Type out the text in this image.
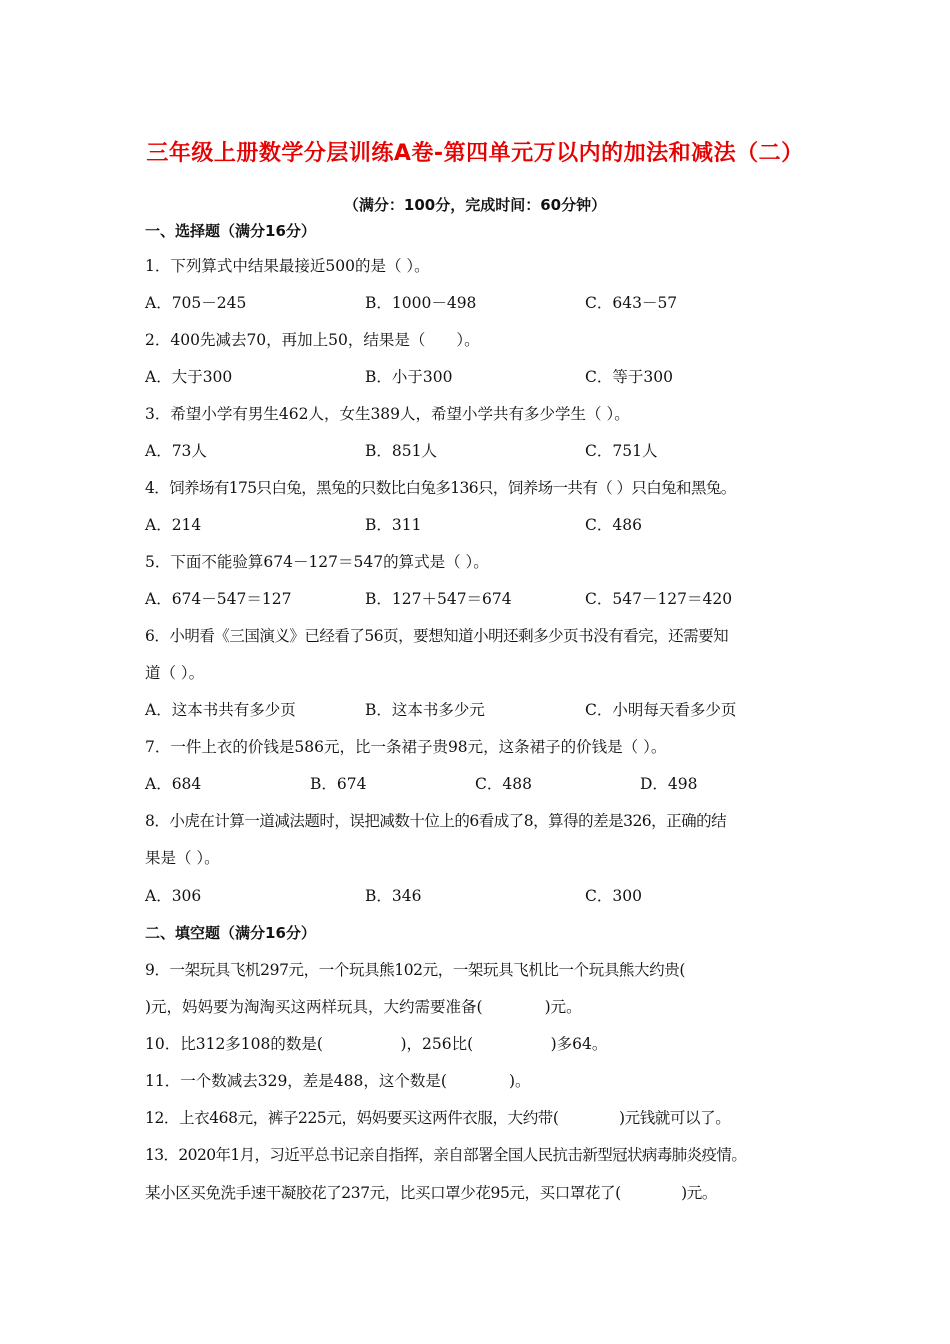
三年级上册数学分层训练A卷-第四单元万以内的加法和减法（二）
（满分：100分，完成时间：60分钟）
一、选择题（满分16分）
1．下列算式中结果最接近500的是（ ）。
A．705－245	B．1000－498	C．643－57
2．400先减去70，再加上50，结果是（　　）。
A．大于300	B．小于300	C．等于300
3．希望小学有男生462人，女生389人，希望小学共有多少学生（ ）。
A．73人	B．851人	C．751人
4．饲养场有175只白兔，黑兔的只数比白兔多136只，饲养场一共有（ ）只白兔和黑兔。
A．214	B．311	C．486
5．下面不能验算674－127＝547的算式是（ ）。
A．674－547＝127	B．127＋547＝674	C．547－127＝420
6．小明看《三国演义》已经看了56页，要想知道小明还剩多少页书没有看完，还需要知
道（ ）。
A．这本书共有多少页	B．这本书多少元	C．小明每天看多少页
7．一件上衣的价钱是586元，比一条裙子贵98元，这条裙子的价钱是（ ）。
A．684	B．674	C．488	D．498
8．小虎在计算一道减法题时，误把减数十位上的6看成了8，算得的差是326，正确的结
果是（ ）。
A．306	B．346	C．300
二、填空题（满分16分）
9．一架玩具飞机297元，一个玩具熊102元，一架玩具飞机比一个玩具熊大约贵(
)元，妈妈要为淘淘买这两样玩具，大约需要准备(　　　　)元。
10．比312多108的数是(　　　　　)，256比(　　　　　)多64。
11．一个数减去329，差是488，这个数是(　　　　)。
12．上衣468元，裤子225元，妈妈要买这两件衣服，大约带(　　　　)元钱就可以了。
13．2020年1月，习近平总书记亲自指挥，亲自部署全国人民抗击新型冠状病毒肺炎疫情。
某小区买免洗手速干凝胶花了237元，比买口罩少花95元，买口罩花了(　　　　)元。
